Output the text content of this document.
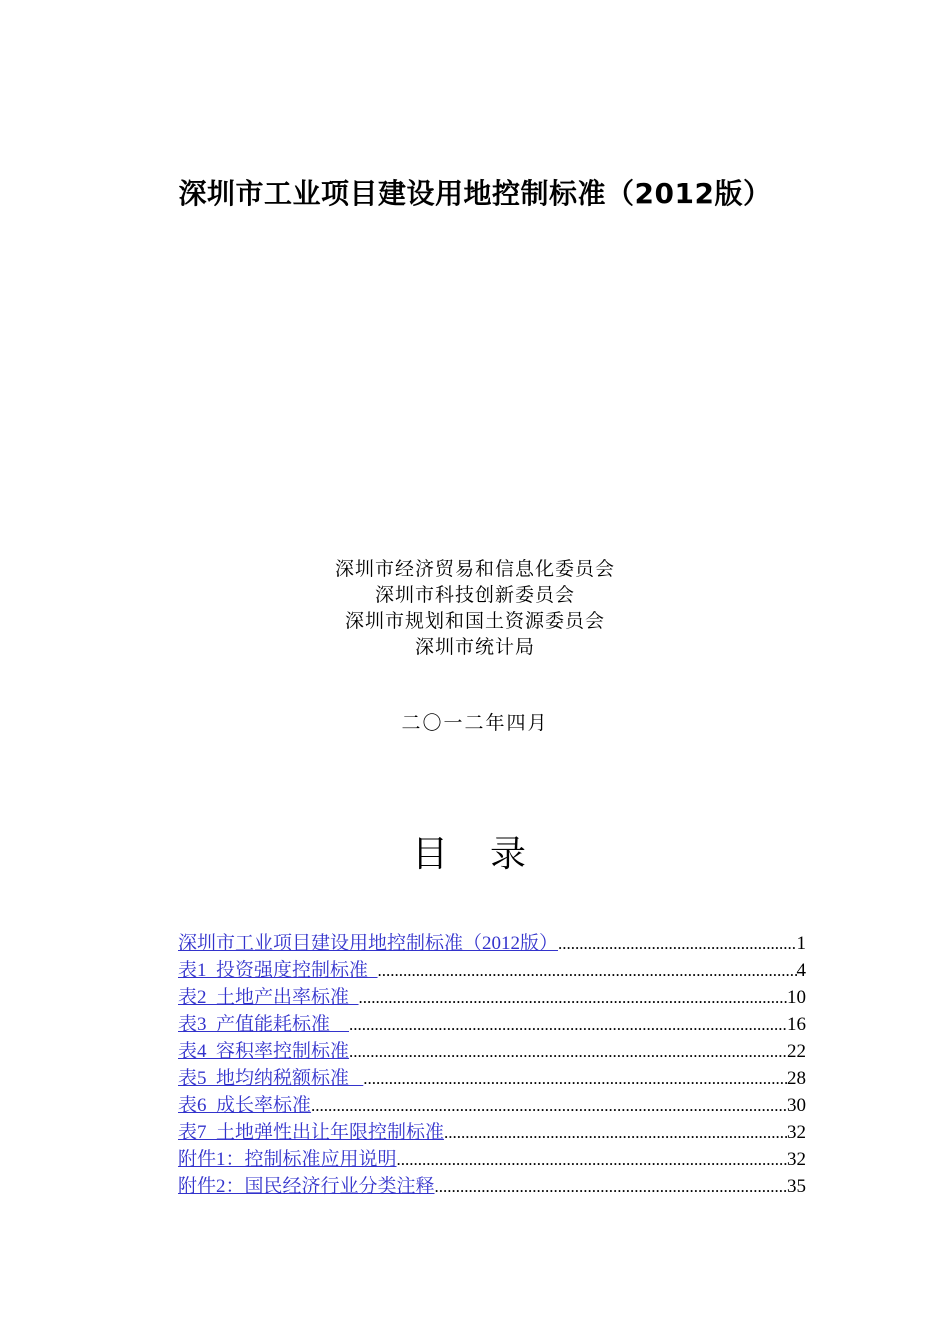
深圳市工业项目建设用地控制标准（2012版）
深圳市经济贸易和信息化委员会
深圳市科技创新委员会
深圳市规划和国土资源委员会
深圳市统计局
二〇一二年四月
目录
深圳市工业项目建设用地控制标准（2012版） .....	1
表1  投资强度控制标准 .....	4
表2  土地产出率标准 .....	10
表3  产值能耗标准 .....	16
表4  容积率控制标准 .....	22
表5  地均纳税额标准 .....	28
表6  成长率标准 .....	30
表7  土地弹性出让年限控制标准 .....	32
附件1：控制标准应用说明 .....	32
附件2：国民经济行业分类注释 .....	35
